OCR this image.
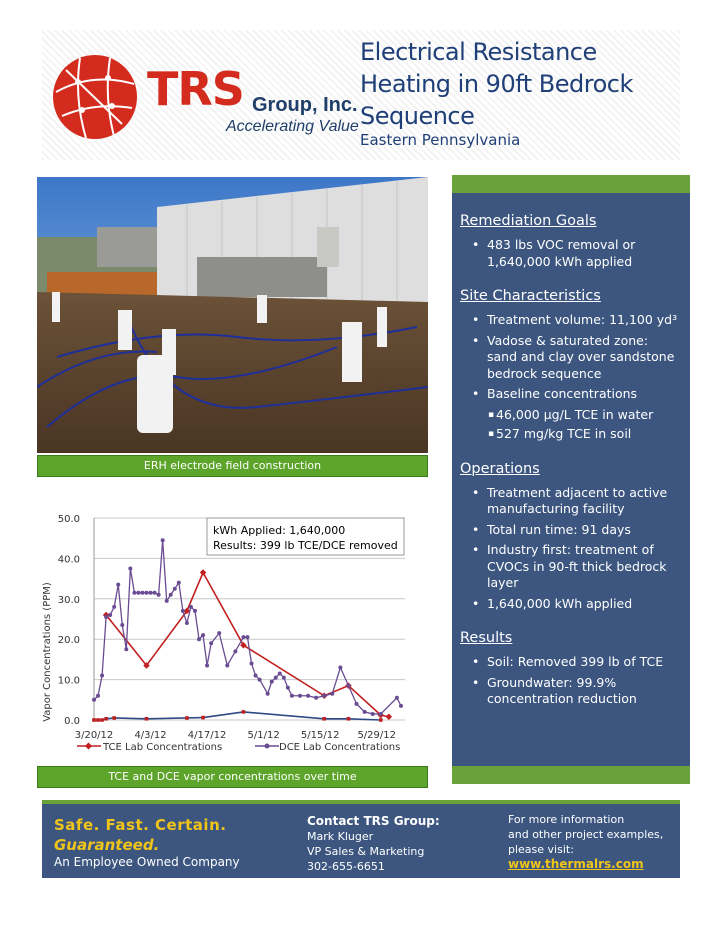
TRS Group, Inc.
Accelerating Value
Electrical Resistance
Heating in 90ft Bedrock
Sequence
Eastern Pennsylvania
ERH electrode field construction
0.0
10.0
20.0
30.0
40.0
50.0
3/20/12 4/3/12 4/17/12 5/1/12 5/15/12 5/29/12
kWh Applied: 1,640,000
Results: 399 lb TCE/DCE removed
Vapor Concentrations (PPM)
TCE Lab Concentrations	DCE Lab Concentrations
TCE and DCE vapor concentrations over time
Remediation Goals
• 483 lbs VOC removal or 1,640,000 kWh applied
Site Characteristics
• Treatment volume: 11,100 yd³
• Vadose & saturated zone: sand and clay over sandstone bedrock sequence
• Baseline concentrations
▪ 46,000 µg/L TCE in water
▪ 527 mg/kg TCE in soil
Operations
• Treatment adjacent to active manufacturing facility
• Total run time: 91 days
• Industry first: treatment of CVOCs in 90-ft thick bedrock layer
• 1,640,000 kWh applied
Results
• Soil: Removed 399 lb of TCE
• Groundwater: 99.9% concentration reduction
Safe. Fast. Certain.
Guaranteed.
An Employee Owned Company
Contact TRS Group:
Mark Kluger
VP Sales & Marketing
302-655-6651
For more information
and other project examples,
please visit:
www.thermalrs.com
